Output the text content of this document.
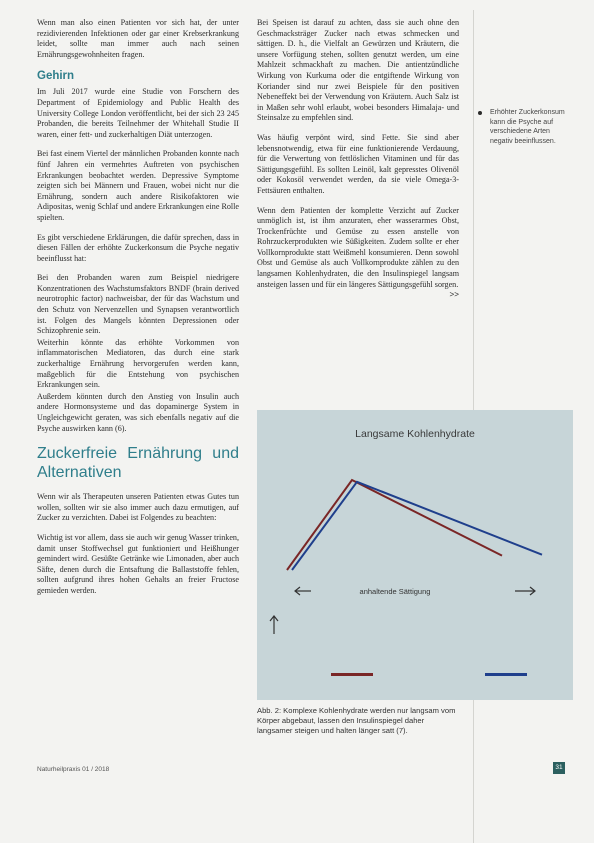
Wenn man also einen Patienten vor sich hat, der unter rezidivierenden Infektionen oder gar einer Krebserkrankung leidet, sollte man immer auch nach seinen Ernährungsgewohnheiten fragen.

Gehirn

Im Juli 2017 wurde eine Studie von Forschern des Department of Epidemiology and Public Health des University College London veröffentlicht, bei der sich 23 245 Probanden, die bereits Teilnehmer der Whitehall Studie II waren, einer fett- und zuckerhaltigen Diät unterzogen.

Bei fast einem Viertel der männlichen Probanden konnte nach fünf Jahren ein vermehrtes Auftreten von psychischen Erkrankungen beobachtet werden. Depressive Symptome zeigten sich bei Männern und Frauen, wobei nicht nur die Ernährung, sondern auch andere Risikofaktoren wie Adipositas, wenig Schlaf und andere Erkrankungen eine Rolle spielten.

Es gibt verschiedene Erklärungen, die dafür sprechen, dass in diesen Fällen der erhöhte Zuckerkonsum die Psyche negativ beeinflusst hat:

Bei den Probanden waren zum Beispiel niedrigere Konzentrationen des Wachstumsfaktors BNDF (brain derived neurotrophic factor) nachweisbar, der für das Wachstum und den Schutz von Nervenzellen und Synapsen verantwortlich ist. Folgen des Mangels könnten Depressionen oder Schizophrenie sein.

Weiterhin könnte das erhöhte Vorkommen von inflammatorischen Mediatoren, das durch eine stark zuckerhaltige Ernährung hervorgerufen werden kann, maßgeblich für die Entstehung von psychischen Erkrankungen sein.

Außerdem könnten durch den Anstieg von Insulin auch andere Hormonsysteme und das dopaminerge System in Ungleichgewicht geraten, was sich ebenfalls negativ auf die Psyche auswirken kann (6).

Zuckerfreie Ernährung und Alternativen

Wenn wir als Therapeuten unseren Patienten etwas Gutes tun wollen, sollten wir sie also immer auch dazu ermutigen, auf Zucker zu verzichten. Dabei ist Folgendes zu beachten:

Wichtig ist vor allem, dass sie auch wir genug Wasser trinken, damit unser Stoffwechsel gut funktioniert und Heißhunger gemindert wird. Gesüßte Getränke wie Limonaden, aber auch Säfte, denen durch die Entsaftung die Ballaststoffe fehlen, sollten aufgrund ihres hohen Gehalts an freier Fructose gemieden werden.

Bei Speisen ist darauf zu achten, dass sie auch ohne den Geschmacksträger Zucker nach etwas schmecken und sättigen. D. h., die Vielfalt an Gewürzen und Kräutern, die unsere Vorfügung stehen, sollten genutzt werden, um eine Mahlzeit schmackhaft zu machen. Die antientzündliche Wirkung von Kurkuma oder die entgiftende Wirkung von Koriander sind nur zwei Beispiele für den positiven Nebeneffekt bei der Verwendung von Kräutern. Auch Salz ist in Maßen sehr wohl erlaubt, wobei besonders Himalaja- und Steinsalze zu empfehlen sind.

Was häufig verpönt wird, sind Fette. Sie sind aber lebensnotwendig, etwa für eine funktionierende Verdauung, für die Verwertung von fettlöslichen Vitaminen und für das Sättigungsgefühl. Es sollten Leinöl, kalt gepresstes Olivenöl oder Kokosöl verwendet werden, da sie viele Omega-3-Fettsäuren enthalten.

Wenn dem Patienten der komplette Verzicht auf Zucker unmöglich ist, ist ihm anzuraten, eher wasserarmes Obst, Trockenfrüchte und Gemüse zu essen anstelle von Rohrzuckerprodukten wie Süßigkeiten. Zudem sollte er eher Vollkornprodukte statt Weißmehl konsumieren. Denn sowohl Obst und Gemüse als auch Vollkornprodukte zählen zu den langsamen Kohlenhydraten, die den Insulinspiegel langsam ansteigen lassen und für ein längeres Sättigungsgefühl sorgen.
>>

Erhöhter Zuckerkonsum kann die Psyche auf verschiedene Arten negativ beeinflussen.
Langsame Kohlenhydrate
anhaltende Sättigung
Abb. 2: Komplexe Kohlenhydrate werden nur langsam vom Körper abgebaut, lassen den Insulinspiegel daher langsamer steigen und halten länger satt (7).
Naturheilpraxis 01 / 2018	31
